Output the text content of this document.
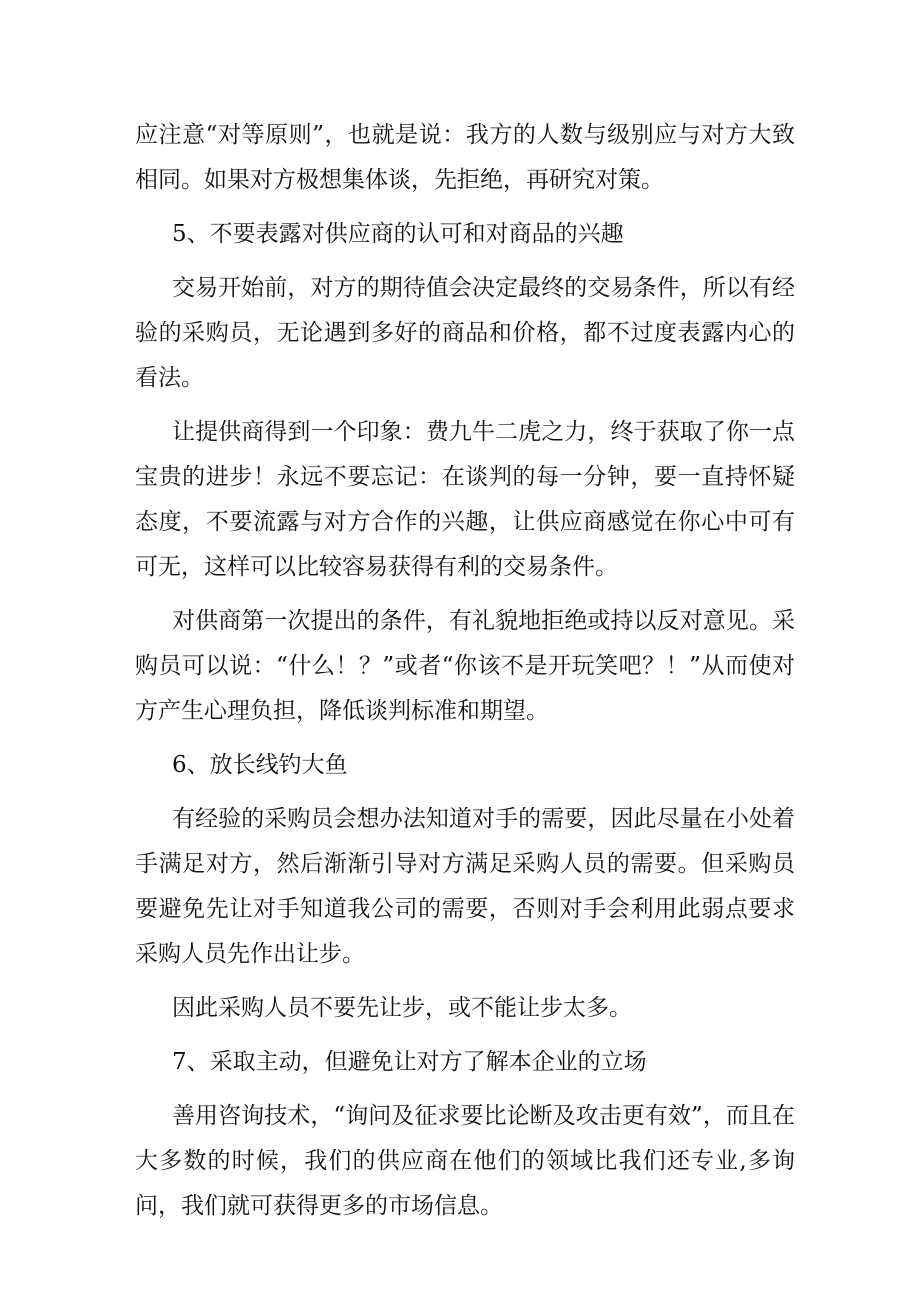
应注意“对等原则”，也就是说：我方的人数与级别应与对方大致相同。如果对方极想集体谈，先拒绝，再研究对策。

5、不要表露对供应商的认可和对商品的兴趣

交易开始前，对方的期待值会决定最终的交易条件，所以有经验的采购员，无论遇到多好的商品和价格，都不过度表露内心的看法。

让提供商得到一个印象：费九牛二虎之力，终于获取了你一点宝贵的进步！永远不要忘记：在谈判的每一分钟，要一直持怀疑态度，不要流露与对方合作的兴趣，让供应商感觉在你心中可有可无，这样可以比较容易获得有利的交易条件。

对供商第一次提出的条件，有礼貌地拒绝或持以反对意见。采购员可以说：“什么！？”或者“你该不是开玩笑吧？！”从而使对方产生心理负担，降低谈判标准和期望。

6、放长线钓大鱼

有经验的采购员会想办法知道对手的需要，因此尽量在小处着手满足对方，然后渐渐引导对方满足采购人员的需要。但采购员要避免先让对手知道我公司的需要，否则对手会利用此弱点要求采购人员先作出让步。

因此采购人员不要先让步，或不能让步太多。

7、采取主动，但避免让对方了解本企业的立场

善用咨询技术，“询问及征求要比论断及攻击更有效”，而且在大多数的时候，我们的供应商在他们的领域比我们还专业,多询问，我们就可获得更多的市场信息。
